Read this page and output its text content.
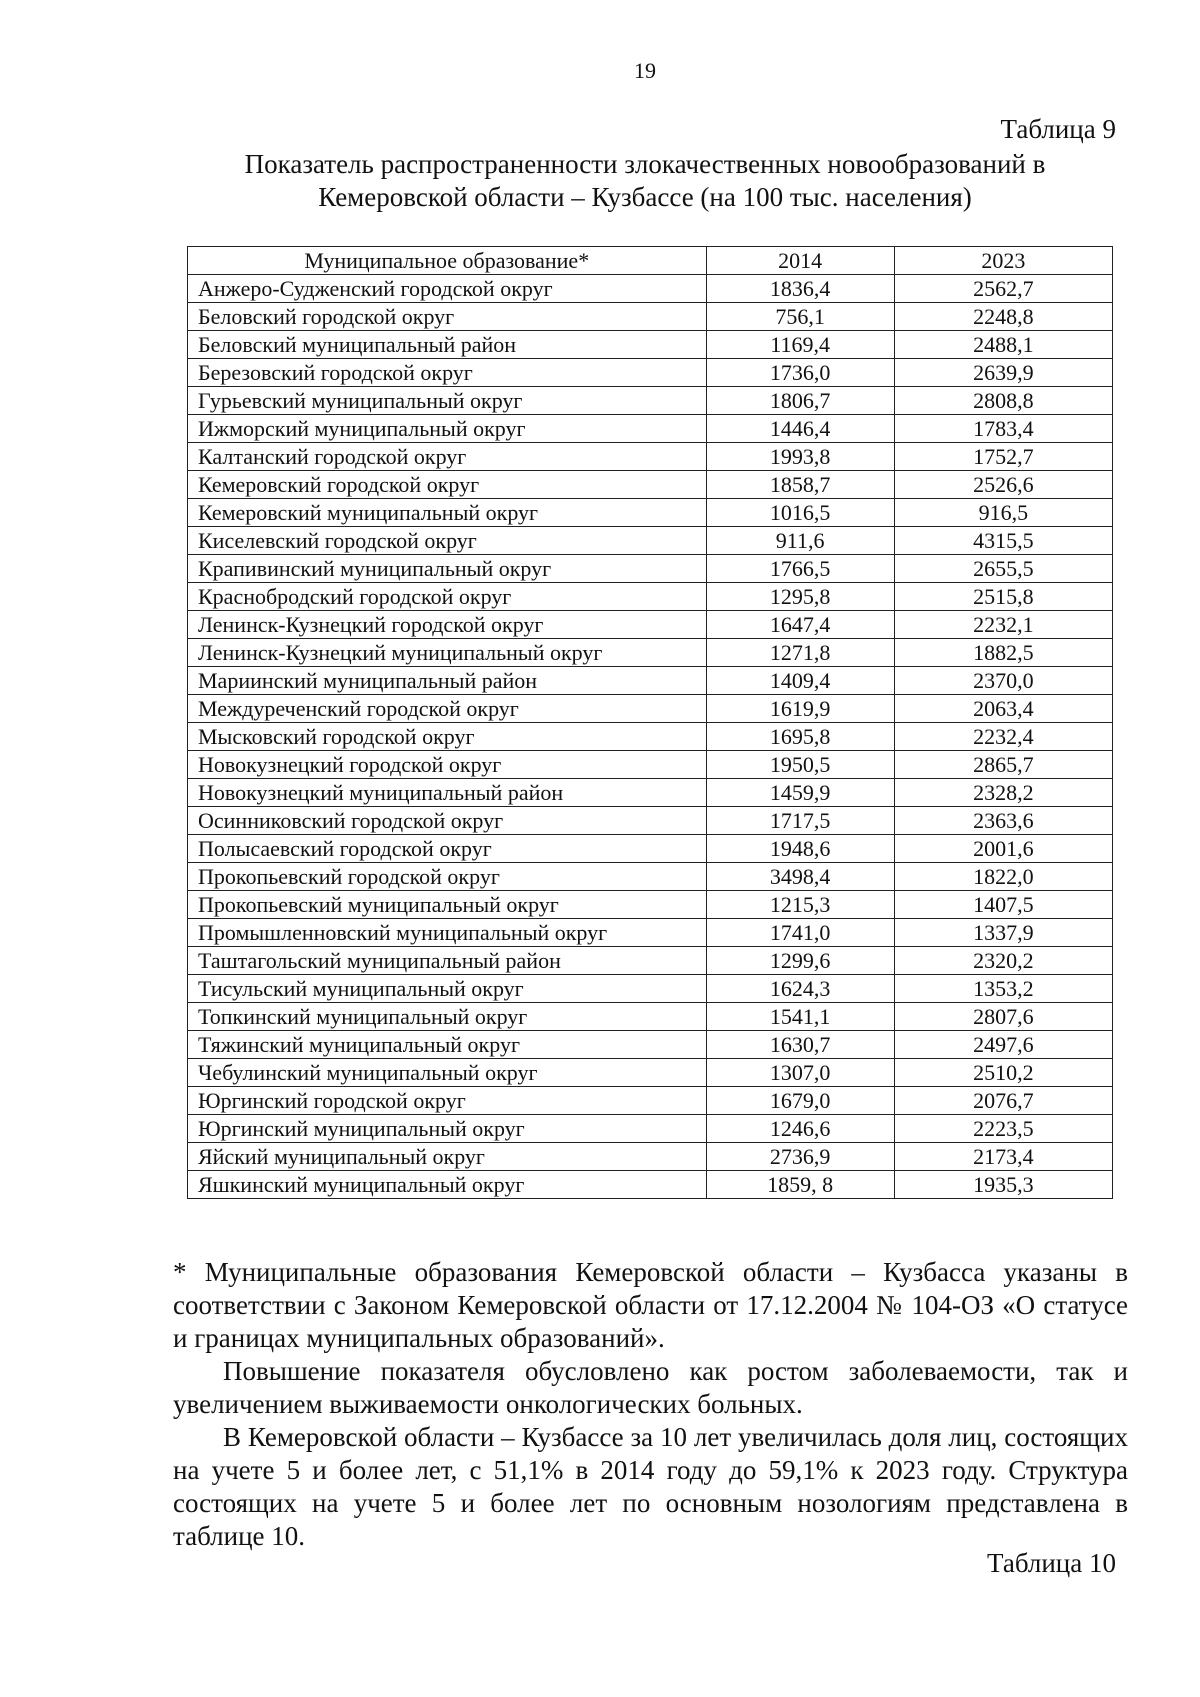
19
Таблица 9
Показатель распространенности злокачественных новообразований в Кемеровской области – Кузбассе (на 100 тыс. населения)
Муниципальное образование*	2014	2023
Анжеро-Судженский городской округ	1836,4	2562,7
Беловский городской округ	756,1	2248,8
Беловский муниципальный район	1169,4	2488,1
Березовский городской округ	1736,0	2639,9
Гурьевский муниципальный округ	1806,7	2808,8
Ижморский муниципальный округ	1446,4	1783,4
Калтанский городской округ	1993,8	1752,7
Кемеровский городской округ	1858,7	2526,6
Кемеровский муниципальный округ	1016,5	916,5
Киселевский городской округ	911,6	4315,5
Крапивинский муниципальный округ	1766,5	2655,5
Краснобродский городской округ	1295,8	2515,8
Ленинск-Кузнецкий городской округ	1647,4	2232,1
Ленинск-Кузнецкий муниципальный округ	1271,8	1882,5
Мариинский муниципальный район	1409,4	2370,0
Междуреченский городской округ	1619,9	2063,4
Мысковский городской округ	1695,8	2232,4
Новокузнецкий городской округ	1950,5	2865,7
Новокузнецкий муниципальный район	1459,9	2328,2
Осинниковский городской округ	1717,5	2363,6
Полысаевский городской округ	1948,6	2001,6
Прокопьевский городской округ	3498,4	1822,0
Прокопьевский муниципальный округ	1215,3	1407,5
Промышленновский муниципальный округ	1741,0	1337,9
Таштагольский муниципальный район	1299,6	2320,2
Тисульский муниципальный округ	1624,3	1353,2
Топкинский муниципальный округ	1541,1	2807,6
Тяжинский муниципальный округ	1630,7	2497,6
Чебулинский муниципальный округ	1307,0	2510,2
Юргинский городской округ	1679,0	2076,7
Юргинский муниципальный округ	1246,6	2223,5
Яйский муниципальный округ	2736,9	2173,4
Яшкинский муниципальный округ	1859, 8	1935,3
* Муниципальные образования Кемеровской области – Кузбасса указаны в соответствии с Законом Кемеровской области от 17.12.2004 № 104-ОЗ «О статусе и границах муниципальных образований».
Повышение показателя обусловлено как ростом заболеваемости, так и увеличением выживаемости онкологических больных.
В Кемеровской области – Кузбассе за 10 лет увеличилась доля лиц, состоящих на учете 5 и более лет, с 51,1% в 2014 году до 59,1% к 2023 году. Структура состоящих на учете 5 и более лет по основным нозологиям представлена в таблице 10.
Таблица 10
